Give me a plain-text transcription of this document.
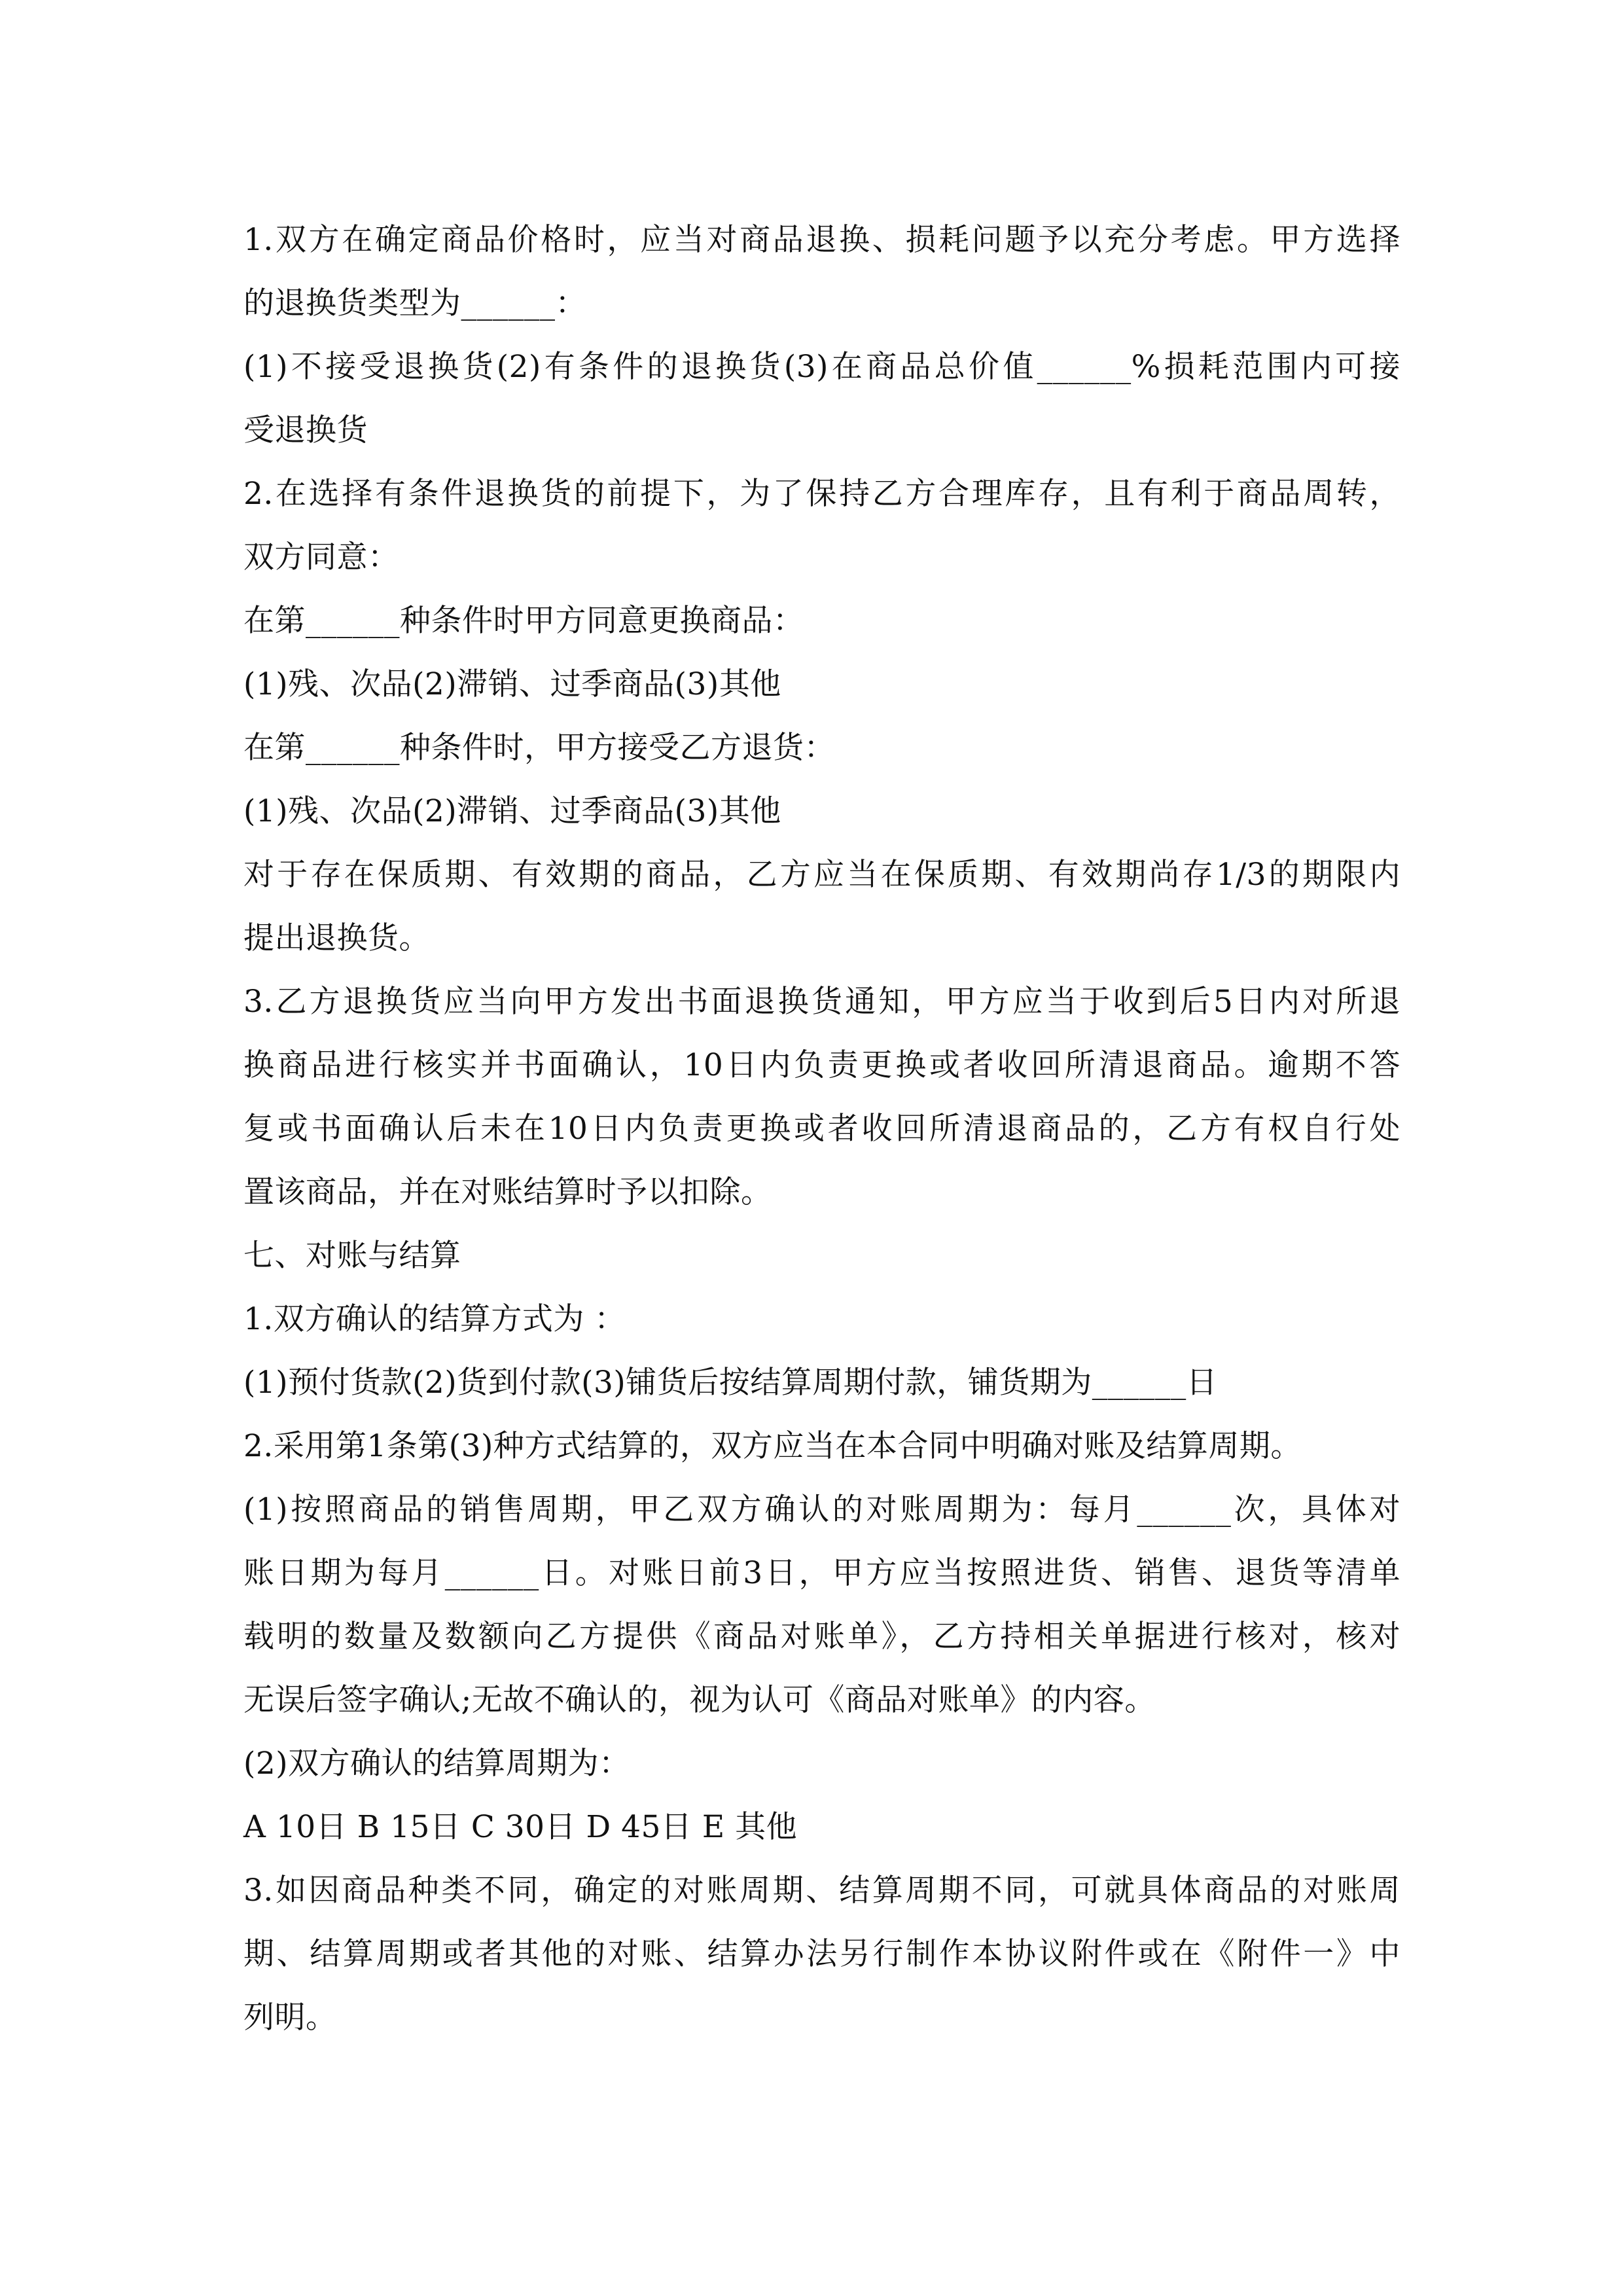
1.双方在确定商品价格时，应当对商品退换、损耗问题予以充分考虑。甲方选择
的退换货类型为______：
(1)不接受退换货(2)有条件的退换货(3)在商品总价值______%损耗范围内可接
受退换货
2.在选择有条件退换货的前提下，为了保持乙方合理库存，且有利于商品周转，
双方同意：
在第______种条件时甲方同意更换商品：
(1)残、次品(2)滞销、过季商品(3)其他
在第______种条件时，甲方接受乙方退货：
(1)残、次品(2)滞销、过季商品(3)其他
对于存在保质期、有效期的商品，乙方应当在保质期、有效期尚存1/3的期限内
提出退换货。
3.乙方退换货应当向甲方发出书面退换货通知，甲方应当于收到后5日内对所退
换商品进行核实并书面确认，10日内负责更换或者收回所清退商品。逾期不答
复或书面确认后未在10日内负责更换或者收回所清退商品的，乙方有权自行处
置该商品，并在对账结算时予以扣除。
七、对账与结算
1.双方确认的结算方式为 ：
(1)预付货款(2)货到付款(3)铺货后按结算周期付款，铺货期为______日
2.采用第1条第(3)种方式结算的，双方应当在本合同中明确对账及结算周期。
(1)按照商品的销售周期，甲乙双方确认的对账周期为：每月______次，具体对
账日期为每月______日。对账日前3日，甲方应当按照进货、销售、退货等清单
载明的数量及数额向乙方提供《商品对账单》，乙方持相关单据进行核对，核对
无误后签字确认;无故不确认的，视为认可《商品对账单》的内容。
(2)双方确认的结算周期为：
A 10日 B 15日 C 30日 D 45日 E 其他
3.如因商品种类不同，确定的对账周期、结算周期不同，可就具体商品的对账周
期、结算周期或者其他的对账、结算办法另行制作本协议附件或在《附件一》中
列明。
